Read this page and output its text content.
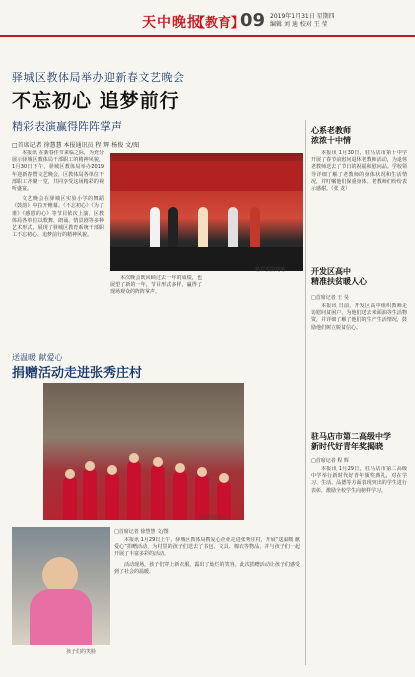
天中晚报
【教育】
09 2019年1月31日 星期四
编辑 刘 迪 校对 王 莹
驿城区教体局举办迎新春文艺晚会
不忘初心 追梦前行
精彩表演赢得阵阵掌声
□首席记者 徐慧慧 本报通讯员 程 辉 杨俊 文/图

本报讯 在新春佳节来临之际，为充分展示驿城区教体局干部职工的精神风貌，1月30日下午，驿城区教体局举办2019年迎新春暨文艺晚会，区教体局各单位干部职工齐聚一堂，共同享受这场精彩的视听盛宴。

文艺晚会在驿城区实验小学的舞蹈《鼓韵》中拉开帷幕。《不忘初心》《为了谁》《感恩的心》等节目依次上演，区教体局各单位以歌舞、朗诵、情景剧等多种艺术形式，展现了驿城区教育系统干部职工不忘初心、追梦前行的精神风貌。

精彩表演现场

本次晚会既回顾过去一年的成绩，也展望了新的一年，节目形式多样，赢得了现场观众的阵阵掌声。

心系老教师
浓浓十中情

本报讯 1月30日，驻马店市第十中学开展了春节前慰问退休老教师活动，为退休老教师送去了节日的祝福和慰问品。学校领导详细了解了老教师的身体状况和生活情况，并叮嘱他们保重身体。老教师们纷纷表示感谢。（张 龙）

开发区高中
精准扶贫暖人心
□首席记者 王 昊

本报讯 日前，开发区高中组织教师走访慰问贫困户，为他们送去米面油等生活物资，并详细了解了他们的生产生活情况，鼓励他们树立脱贫信心。

驻马店市第二高级中学
新时代好青年奖揭晓
□首席记者 程 辉

本报讯 1月29日，驻马店市第二高级中学举行新时代好青年颁奖典礼，对在学习、生活、品德等方面表现突出的学生进行表彰，激励全校学生向榜样学习。

送温暖 献爱心
捐赠活动走进张秀庄村
欢乐的孩子们
□首席记者 徐慧慧 文/图

本报讯 1月29日上午，驿城区教体局携爱心企业走进张秀庄村，开展“送温暖 献爱心”捐赠活动，为村里的孩子们送去了书包、文具、棉衣等物品，并与孩子们一起开展了丰富多彩的活动。

活动现场，孩子们穿上新衣服，露出了灿烂的笑容。此次捐赠活动让孩子们感受到了社会的温暖。

孩子们的笑脸
